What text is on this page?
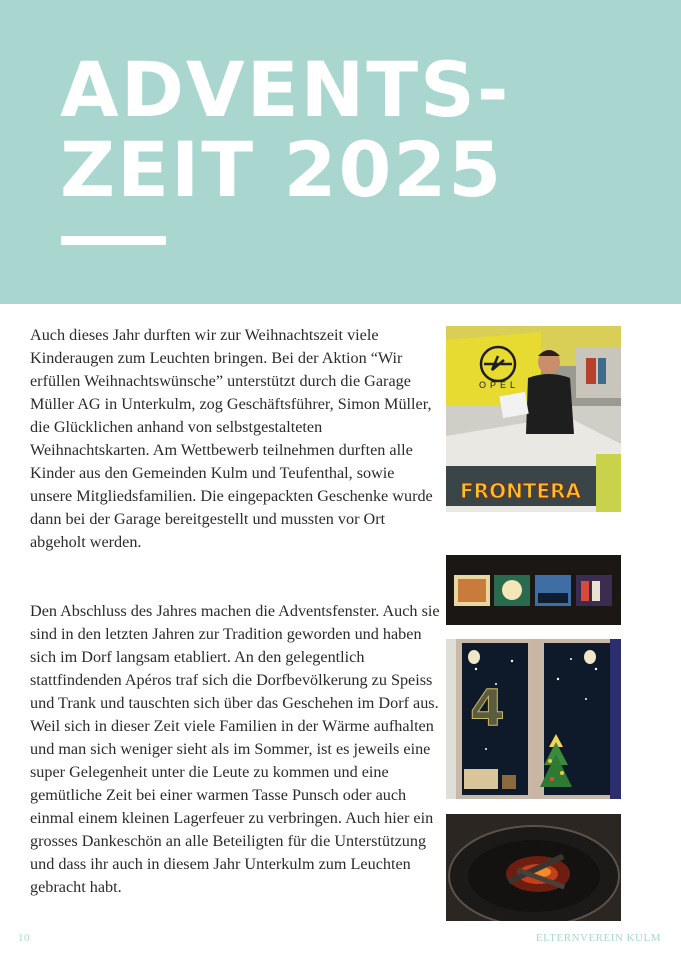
ADVENTS-
ZEIT 2025

Auch dieses Jahr durften wir zur Weihnachtszeit viele Kinderaugen zum Leuchten bringen. Bei der Aktion “Wir erfüllen Weihnachtswünsche” unterstützt durch die Garage Müller AG in Unterkulm, zog Geschäftsführer, Simon Müller, die Glücklichen anhand von selbstgestalteten Weihnachtskarten. Am Wettbewerb teilnehmen durften alle Kinder aus den Gemeinden Kulm und Teufenthal, sowie unsere Mitgliedsfamilien. Die eingepackten Geschenke wurde dann bei der Garage bereitgestellt und mussten vor Ort abgeholt werden.

Den Abschluss des Jahres machen die Adventsfenster. Auch sie sind in den letzten Jahren zur Tradition geworden und haben sich im Dorf langsam etabliert. An den gelegentlich stattfindenden Apéros traf sich die Dorfbevölkerung zu Speiss und Trank und tauschten sich über das Geschehen im Dorf aus. Weil sich in dieser Zeit viele Familien in der Wärme aufhalten und man sich weniger sieht als im Sommer, ist es jeweils eine super Gelegenheit unter die Leute zu kommen und eine gemütliche Zeit bei einer warmen Tasse Punsch oder auch einmal einem kleinen Lagerfeuer zu verbringen. Auch hier ein grosses Dankeschön an alle Beteiligten für die Unterstützung und dass ihr auch in diesem Jahr Unterkulm zum Leuchten gebracht habt.

OPEL
FRONTERA
4
10	ELTERNVEREIN KULM
